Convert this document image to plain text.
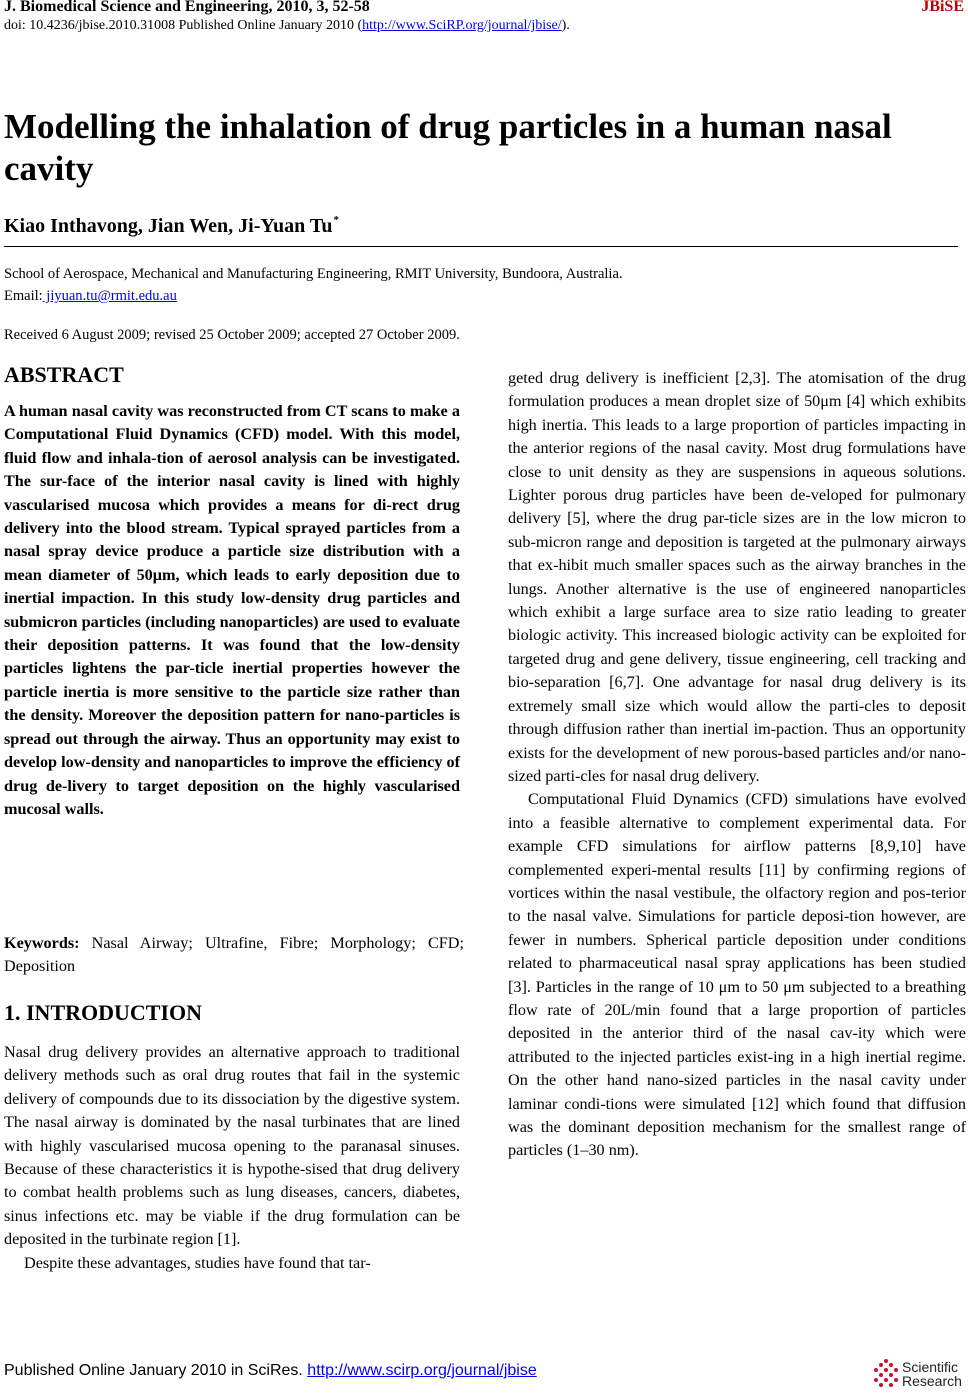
J. Biomedical Science and Engineering, 2010, 3, 52-58	JBiSE
doi: 10.4236/jbise.2010.31008 Published Online January 2010 (http://www.SciRP.org/journal/jbise/).
Modelling the inhalation of drug particles in a human nasal cavity
Kiao Inthavong, Jian Wen, Ji-Yuan Tu*
School of Aerospace, Mechanical and Manufacturing Engineering, RMIT University, Bundoora, Australia.
Email: jiyuan.tu@rmit.edu.au
Received 6 August 2009; revised 25 October 2009; accepted 27 October 2009.
ABSTRACT

A human nasal cavity was reconstructed from CT scans to make a Computational Fluid Dynamics (CFD) model. With this model, fluid flow and inhala-tion of aerosol analysis can be investigated. The sur-face of the interior nasal cavity is lined with highly vascularised mucosa which provides a means for di-rect drug delivery into the blood stream. Typical sprayed particles from a nasal spray device produce a particle size distribution with a mean diameter of 50μm, which leads to early deposition due to inertial impaction. In this study low-density drug particles and submicron particles (including nanoparticles) are used to evaluate their deposition patterns. It was found that the low-density particles lightens the par-ticle inertial properties however the particle inertia is more sensitive to the particle size rather than the density. Moreover the deposition pattern for nano-particles is spread out through the airway. Thus an opportunity may exist to develop low-density and nanoparticles to improve the efficiency of drug de-livery to target deposition on the highly vascularised mucosal walls.

Keywords: Nasal Airway; Ultrafine, Fibre; Morphology; CFD; Deposition

1. INTRODUCTION

Nasal drug delivery provides an alternative approach to traditional delivery methods such as oral drug routes that fail in the systemic delivery of compounds due to its dissociation by the digestive system. The nasal airway is dominated by the nasal turbinates that are lined with highly vascularised mucosa opening to the paranasal sinuses. Because of these characteristics it is hypothe-sised that drug delivery to combat health problems such as lung diseases, cancers, diabetes, sinus infections etc. may be viable if the drug formulation can be deposited in the turbinate region [1].

Despite these advantages, studies have found that tar-

geted drug delivery is inefficient [2,3]. The atomisation of the drug formulation produces a mean droplet size of 50μm [4] which exhibits high inertia. This leads to a large proportion of particles impacting in the anterior regions of the nasal cavity. Most drug formulations have close to unit density as they are suspensions in aqueous solutions. Lighter porous drug particles have been de-veloped for pulmonary delivery [5], where the drug par-ticle sizes are in the low micron to sub-micron range and deposition is targeted at the pulmonary airways that ex-hibit much smaller spaces such as the airway branches in the lungs. Another alternative is the use of engineered nanoparticles which exhibit a large surface area to size ratio leading to greater biologic activity. This increased biologic activity can be exploited for targeted drug and gene delivery, tissue engineering, cell tracking and bio-separation [6,7]. One advantage for nasal drug delivery is its extremely small size which would allow the parti-cles to deposit through diffusion rather than inertial im-paction. Thus an opportunity exists for the development of new porous-based particles and/or nano-sized parti-cles for nasal drug delivery.

Computational Fluid Dynamics (CFD) simulations have evolved into a feasible alternative to complement experimental data. For example CFD simulations for airflow patterns [8,9,10] have complemented experi-mental results [11] by confirming regions of vortices within the nasal vestibule, the olfactory region and pos-terior to the nasal valve. Simulations for particle deposi-tion however, are fewer in numbers. Spherical particle deposition under conditions related to pharmaceutical nasal spray applications has been studied [3]. Particles in the range of 10 μm to 50 μm subjected to a breathing flow rate of 20L/min found that a large proportion of particles deposited in the anterior third of the nasal cav-ity which were attributed to the injected particles exist-ing in a high inertial regime. On the other hand nano-sized particles in the nasal cavity under laminar condi-tions were simulated [12] which found that diffusion was the dominant deposition mechanism for the smallest range of particles (1–30 nm).

Published Online January 2010 in SciRes. http://www.scirp.org/journal/jbise	Scientific
Research
